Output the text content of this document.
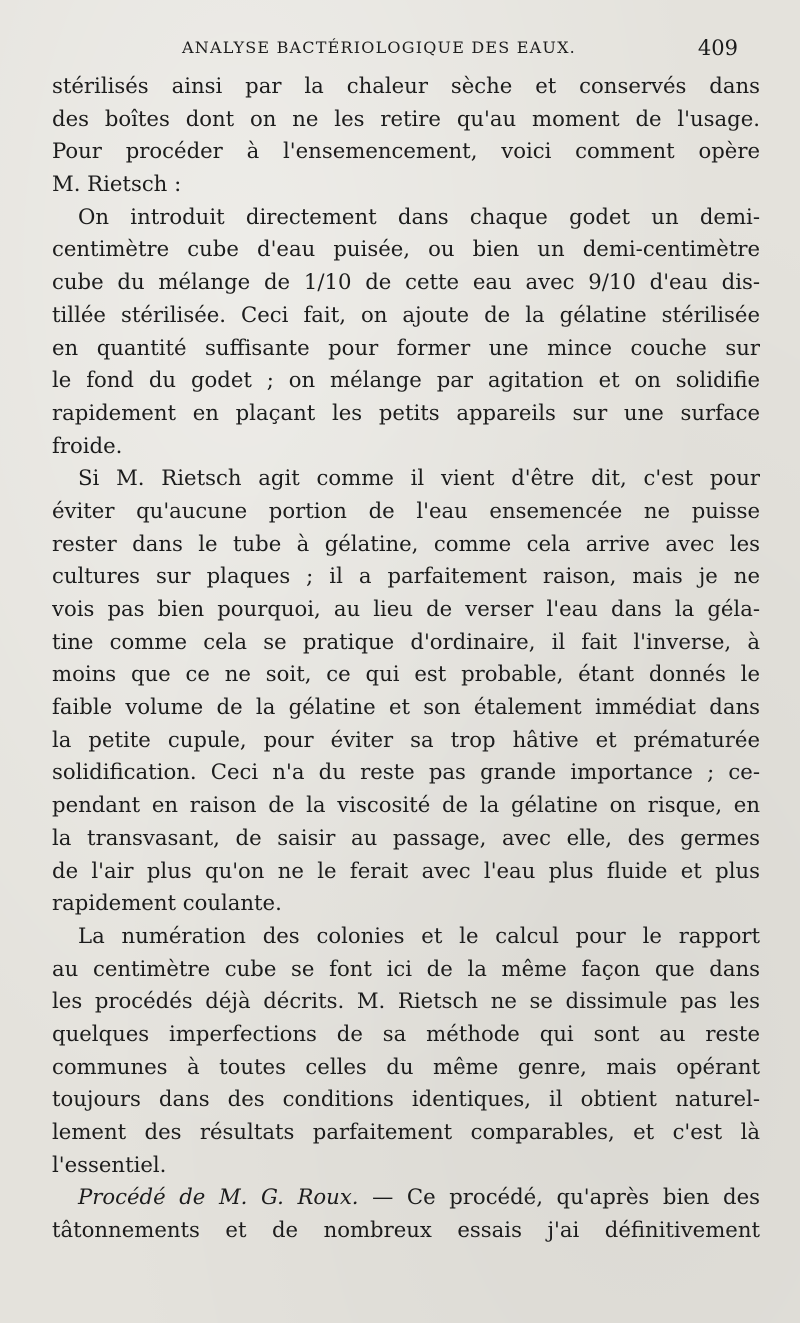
ANALYSE BACTÉRIOLOGIQUE DES EAUX.	409
stérilisés ainsi par la chaleur sèche et conservés dans
des boîtes dont on ne les retire qu'au moment de l'usage.
Pour procéder à l'ensemencement, voici comment opère
M. Rietsch :
On introduit directement dans chaque godet un demi-
centimètre cube d'eau puisée, ou bien un demi-centimètre
cube du mélange de 1/10 de cette eau avec 9/10 d'eau dis-
tillée stérilisée. Ceci fait, on ajoute de la gélatine stérilisée
en quantité suffisante pour former une mince couche sur
le fond du godet ; on mélange par agitation et on solidifie
rapidement en plaçant les petits appareils sur une surface
froide.
Si M. Rietsch agit comme il vient d'être dit, c'est pour
éviter qu'aucune portion de l'eau ensemencée ne puisse
rester dans le tube à gélatine, comme cela arrive avec les
cultures sur plaques ; il a parfaitement raison, mais je ne
vois pas bien pourquoi, au lieu de verser l'eau dans la géla-
tine comme cela se pratique d'ordinaire, il fait l'inverse, à
moins que ce ne soit, ce qui est probable, étant donnés le
faible volume de la gélatine et son étalement immédiat dans
la petite cupule, pour éviter sa trop hâtive et prématurée
solidification. Ceci n'a du reste pas grande importance ; ce-
pendant en raison de la viscosité de la gélatine on risque, en
la transvasant, de saisir au passage, avec elle, des germes
de l'air plus qu'on ne le ferait avec l'eau plus fluide et plus
rapidement coulante.
La numération des colonies et le calcul pour le rapport
au centimètre cube se font ici de la même façon que dans
les procédés déjà décrits. M. Rietsch ne se dissimule pas les
quelques imperfections de sa méthode qui sont au reste
communes à toutes celles du même genre, mais opérant
toujours dans des conditions identiques, il obtient naturel-
lement des résultats parfaitement comparables, et c'est là
l'essentiel.
Procédé de M. G. Roux. — Ce procédé, qu'après bien des
tâtonnements et de nombreux essais j'ai définitivement
